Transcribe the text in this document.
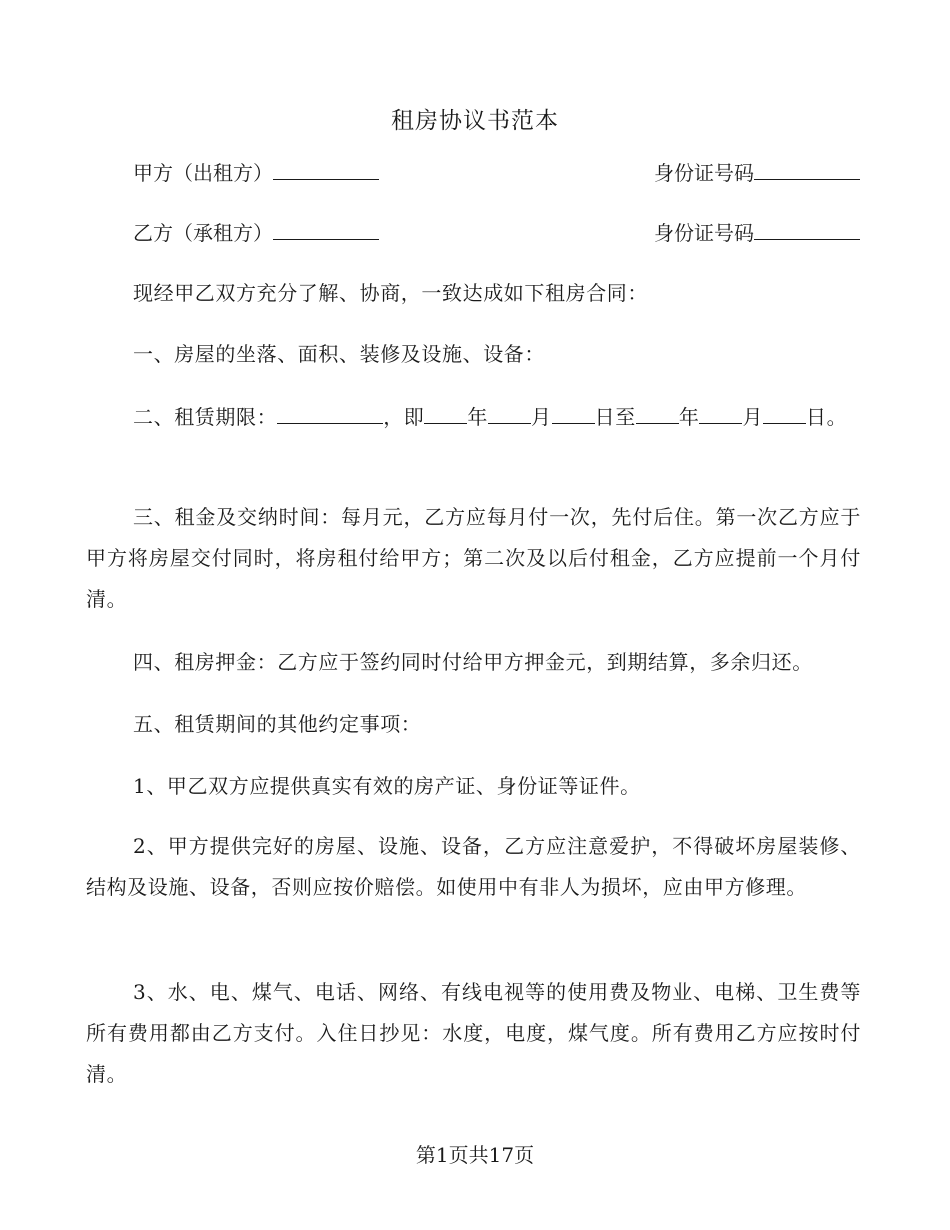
租房协议书范本
甲方（出租方）	身份证号码
乙方（承租方）	身份证号码
现经甲乙双方充分了解、协商，一致达成如下租房合同：
一、房屋的坐落、面积、装修及设施、设备：
二、租赁期限：	，即 年 月 日至 年 月 日。
三、租金及交纳时间：每月元，乙方应每月付一次，先付后住。第一次乙方应于甲方将房屋交付同时，将房租付给甲方；第二次及以后付租金，乙方应提前一个月付清。
四、租房押金：乙方应于签约同时付给甲方押金元，到期结算，多余归还。
五、租赁期间的其他约定事项：
1、甲乙双方应提供真实有效的房产证、身份证等证件。
2、甲方提供完好的房屋、设施、设备，乙方应注意爱护，不得破坏房屋装修、结构及设施、设备，否则应按价赔偿。如使用中有非人为损坏，应由甲方修理。
3、水、电、煤气、电话、网络、有线电视等的使用费及物业、电梯、卫生费等所有费用都由乙方支付。入住日抄见：水度，电度，煤气度。所有费用乙方应按时付清。
第1页共17页
